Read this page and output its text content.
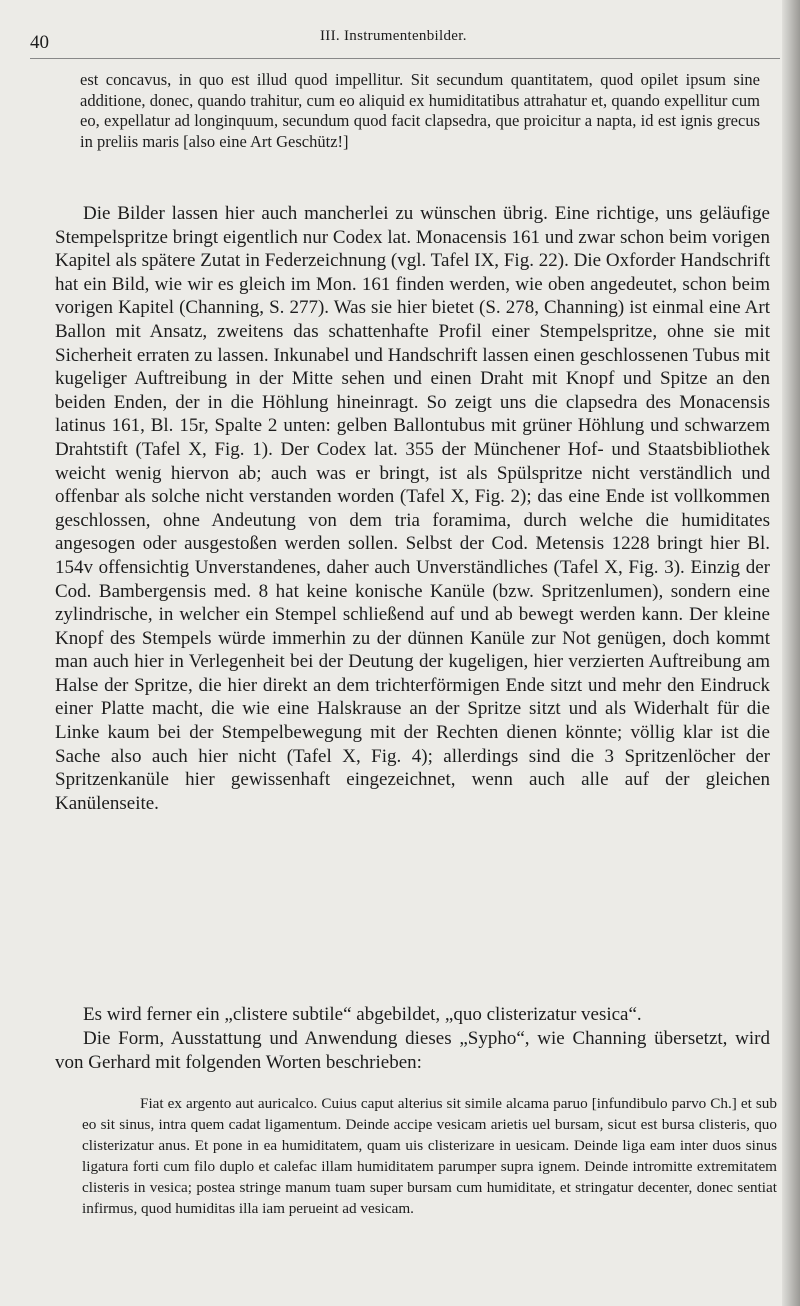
40	III. Instrumentenbilder.

est concavus, in quo est illud quod impellitur. Sit secundum quantitatem, quod opilet ipsum sine additione, donec, quando trahitur, cum eo aliquid ex humiditatibus attrahatur et, quando expellitur cum eo, expellatur ad longinquum, secundum quod facit clapsedra, que proicitur a napta, id est ignis grecus in preliis maris [also eine Art Geschütz!]

Die Bilder lassen hier auch mancherlei zu wünschen übrig. Eine richtige, uns geläufige Stempelspritze bringt eigentlich nur Codex lat. Monacensis 161 und zwar schon beim vorigen Kapitel als spätere Zutat in Federzeichnung (vgl. Tafel IX, Fig. 22). Die Oxforder Handschrift hat ein Bild, wie wir es gleich im Mon. 161 finden werden, wie oben angedeutet, schon beim vorigen Kapitel (Channing, S. 277). Was sie hier bietet (S. 278, Channing) ist einmal eine Art Ballon mit Ansatz, zweitens das schattenhafte Profil einer Stempelspritze, ohne sie mit Sicherheit erraten zu lassen. Inkunabel und Handschrift lassen einen geschlossenen Tubus mit kugeliger Auftreibung in der Mitte sehen und einen Draht mit Knopf und Spitze an den beiden Enden, der in die Höhlung hineinragt. So zeigt uns die clapsedra des Monacensis latinus 161, Bl. 15r, Spalte 2 unten: gelben Ballontubus mit grüner Höhlung und schwarzem Drahtstift (Tafel X, Fig. 1). Der Codex lat. 355 der Münchener Hof- und Staatsbibliothek weicht wenig hiervon ab; auch was er bringt, ist als Spülspritze nicht verständlich und offenbar als solche nicht verstanden worden (Tafel X, Fig. 2); das eine Ende ist vollkommen geschlossen, ohne Andeutung von dem tria foramima, durch welche die humiditates angesogen oder ausgestoßen werden sollen. Selbst der Cod. Metensis 1228 bringt hier Bl. 154v offensichtig Unverstandenes, daher auch Unverständliches (Tafel X, Fig. 3). Einzig der Cod. Bambergensis med. 8 hat keine konische Kanüle (bzw. Spritzenlumen), sondern eine zylindrische, in welcher ein Stempel schließend auf und ab bewegt werden kann. Der kleine Knopf des Stempels würde immerhin zu der dünnen Kanüle zur Not genügen, doch kommt man auch hier in Verlegenheit bei der Deutung der kugeligen, hier verzierten Auftreibung am Halse der Spritze, die hier direkt an dem trichterförmigen Ende sitzt und mehr den Eindruck einer Platte macht, die wie eine Halskrause an der Spritze sitzt und als Widerhalt für die Linke kaum bei der Stempelbewegung mit der Rechten dienen könnte; völlig klar ist die Sache also auch hier nicht (Tafel X, Fig. 4); allerdings sind die 3 Spritzenlöcher der Spritzenkanüle hier gewissenhaft eingezeichnet, wenn auch alle auf der gleichen Kanülenseite.

Es wird ferner ein „clistere subtile“ abgebildet, „quo clisterizatur vesica“.

Die Form, Ausstattung und Anwendung dieses „Sypho“, wie Channing übersetzt, wird von Gerhard mit folgenden Worten beschrieben:

Fiat ex argento aut auricalco. Cuius caput alterius sit simile alcama paruo [infundibulo parvo Ch.] et sub eo sit sinus, intra quem cadat ligamentum. Deinde accipe vesicam arietis uel bursam, sicut est bursa clisteris, quo clisterizatur anus. Et pone in ea humiditatem, quam uis clisterizare in uesicam. Deinde liga eam inter duos sinus ligatura forti cum filo duplo et calefac illam humiditatem parumper supra ignem. Deinde intromitte extremitatem clisteris in vesica; postea stringe manum tuam super bursam cum humiditate, et stringatur decenter, donec sentiat infirmus, quod humiditas illa iam perueint ad vesicam.
